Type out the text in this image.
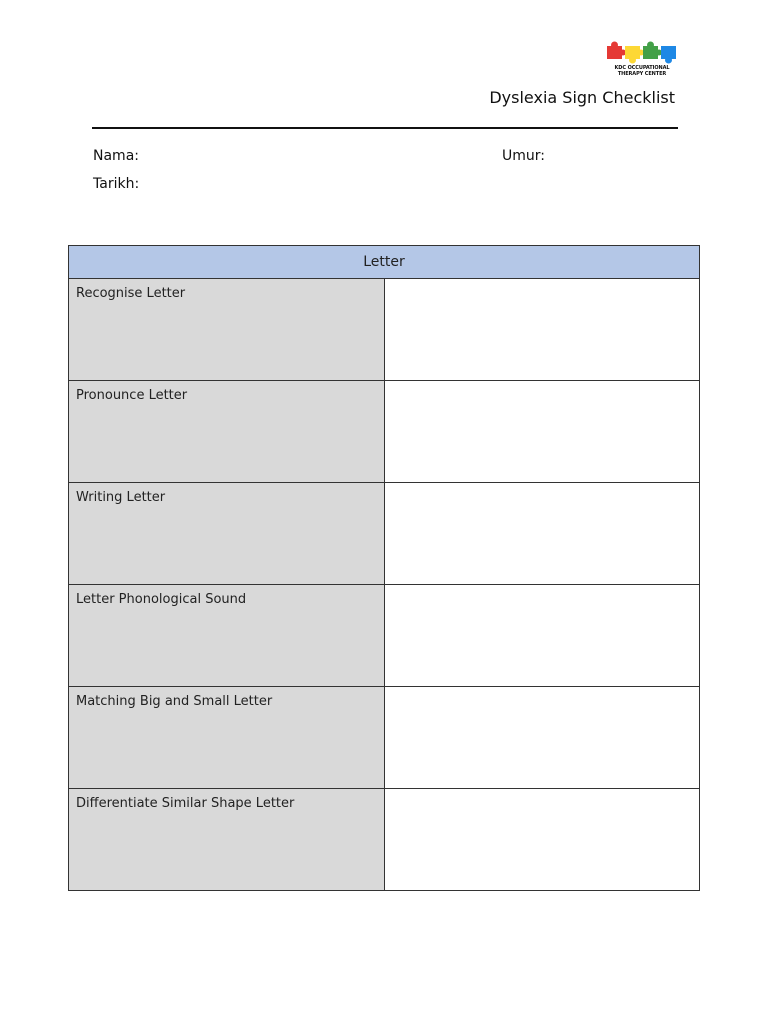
KDC OCCUPATIONAL THERAPY CENTER
Dyslexia Sign Checklist
Nama:	Umur:
Tarikh:
Letter	
Recognise Letter	
Pronounce Letter	
Writing Letter	
Letter Phonological Sound	
Matching Big and Small Letter	
Differentiate Similar Shape Letter	
